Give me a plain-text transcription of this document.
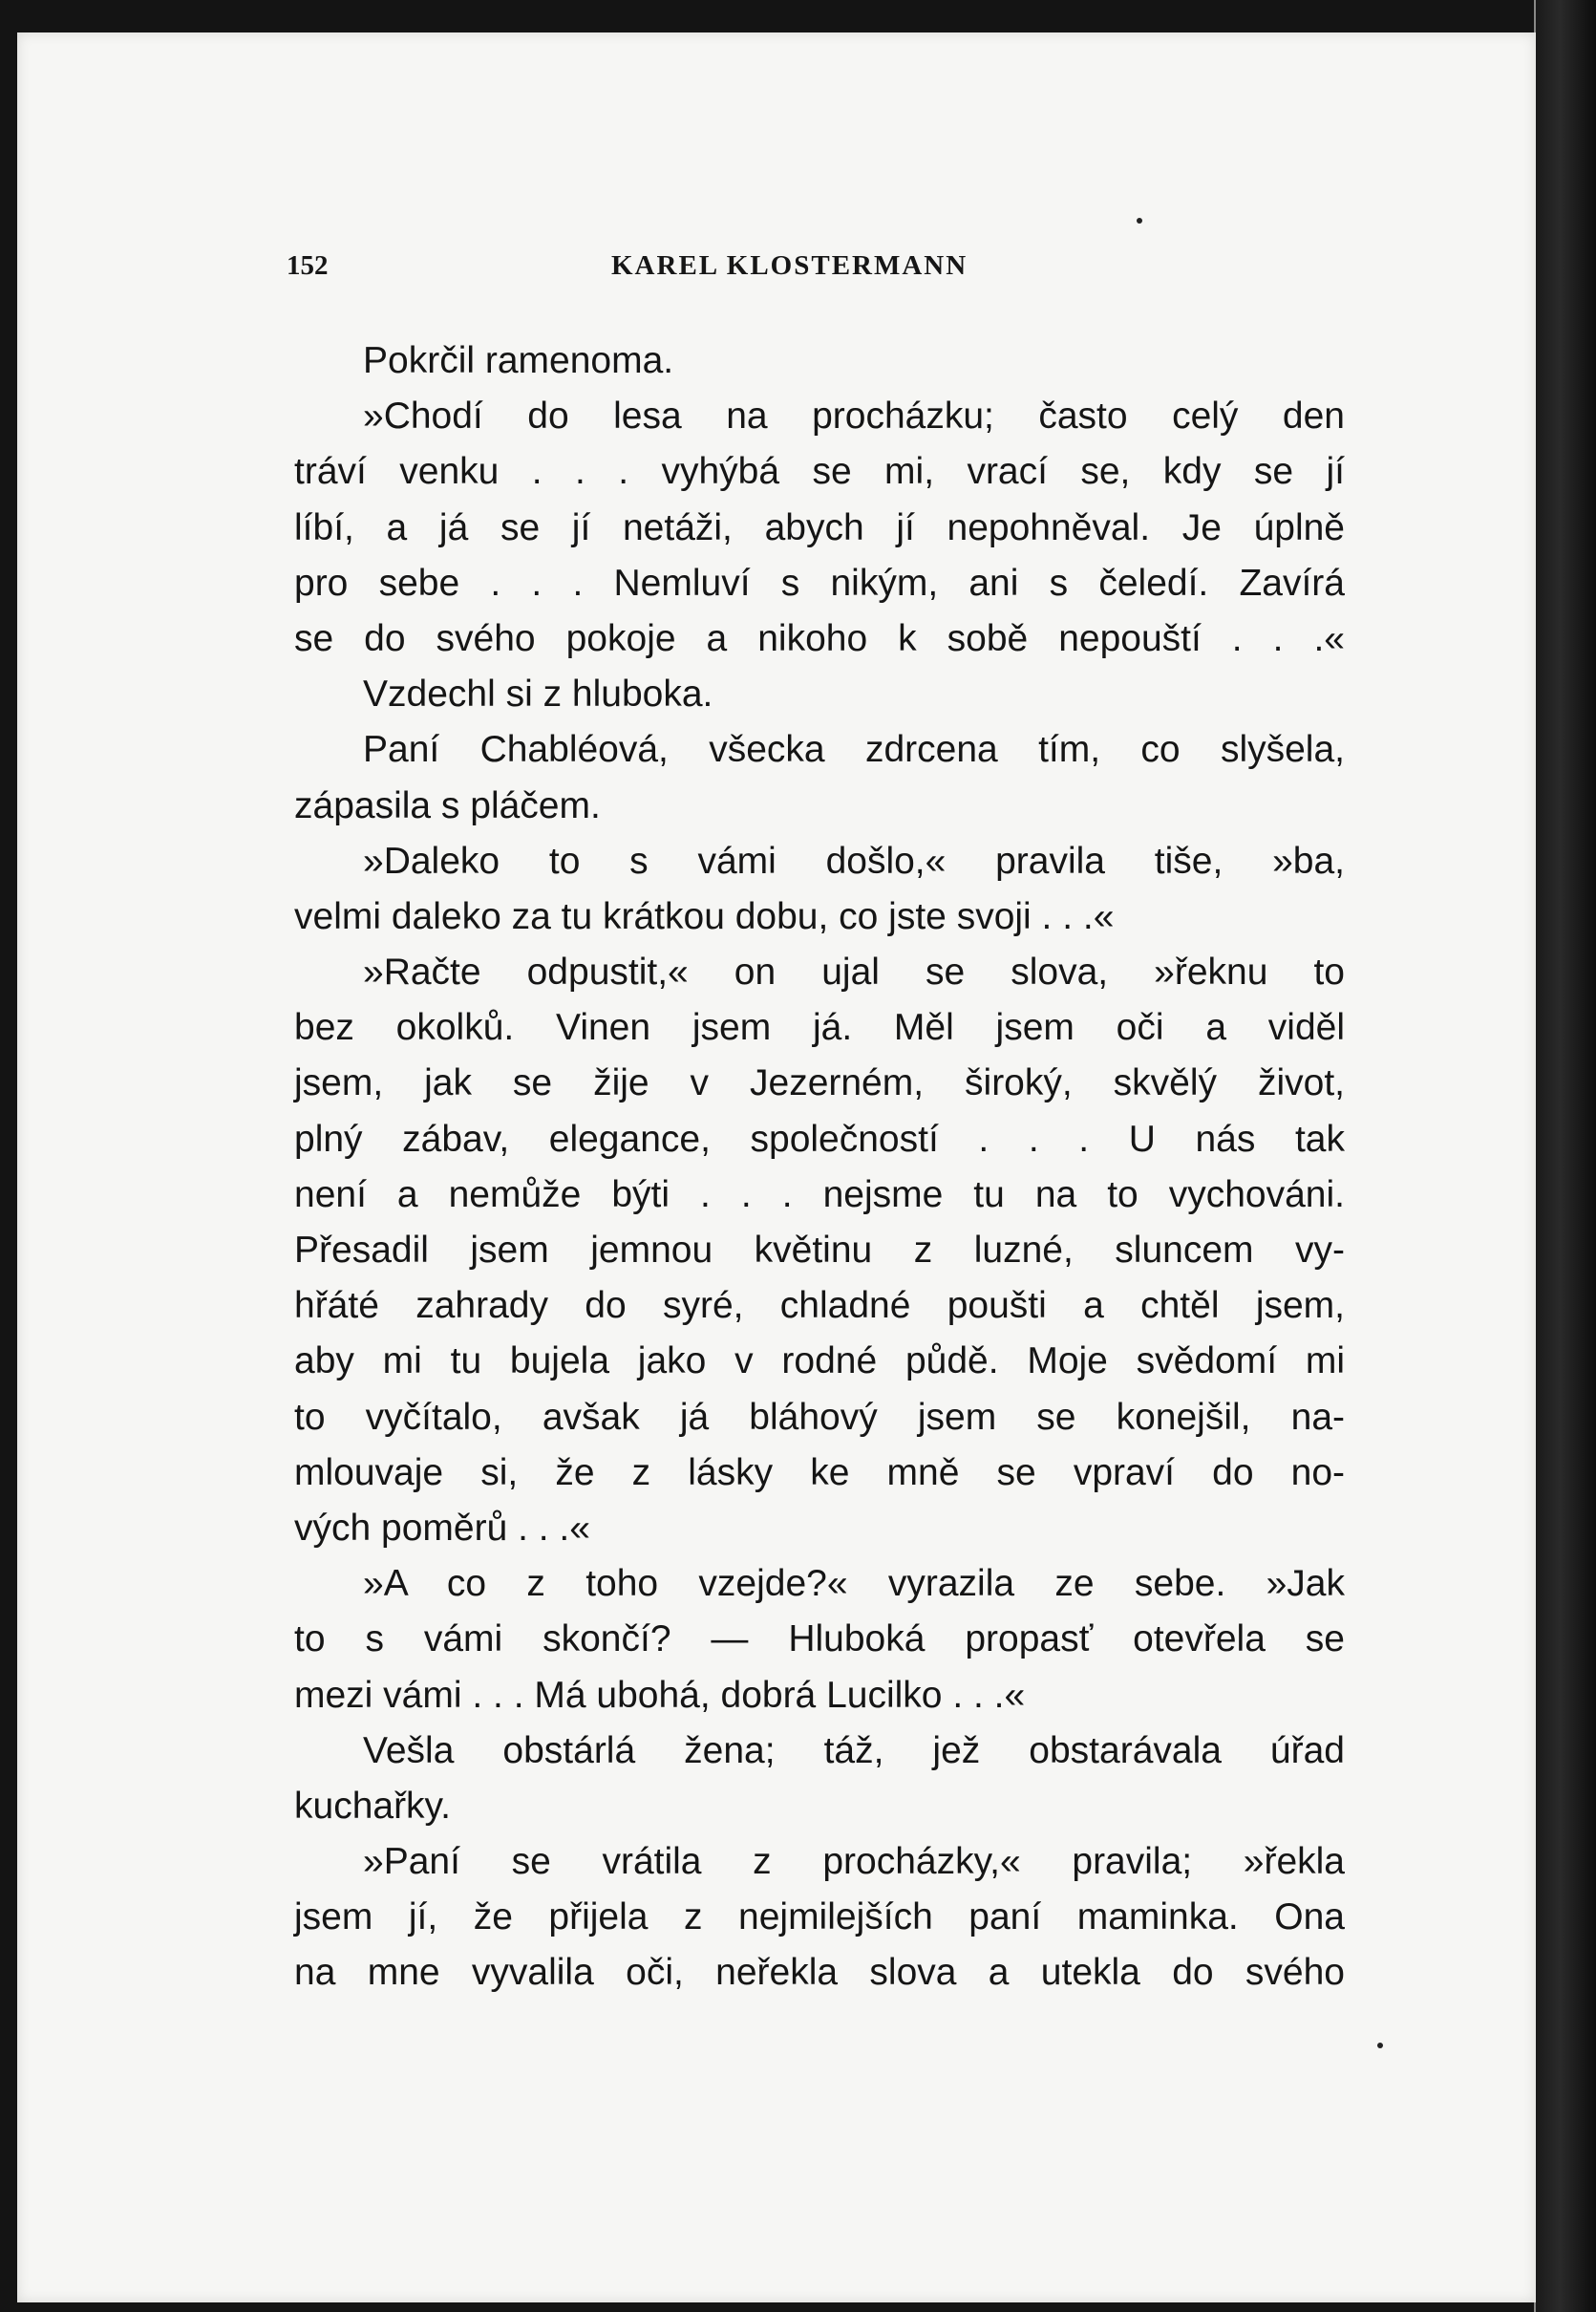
152	KAREL KLOSTERMANN
Pokrčil ramenoma.
»Chodí do lesa na procházku; často celý den
tráví venku . . . vyhýbá se mi, vrací se, kdy se jí
líbí, a já se jí netáži, abych jí nepohněval. Je úplně
pro sebe . . . Nemluví s nikým, ani s čeledí. Zavírá
se do svého pokoje a nikoho k sobě nepouští . . .«
Vzdechl si z hluboka.
Paní Chabléová, všecka zdrcena tím, co slyšela,
zápasila s pláčem.
»Daleko to s vámi došlo,« pravila tiše, »ba,
velmi daleko za tu krátkou dobu, co jste svoji . . .«
»Račte odpustit,« on ujal se slova, »řeknu to
bez okolků. Vinen jsem já. Měl jsem oči a viděl
jsem, jak se žije v Jezerném, široký, skvělý život,
plný zábav, elegance, společností . . . U nás tak
není a nemůže býti . . . nejsme tu na to vychováni.
Přesadil jsem jemnou květinu z luzné, sluncem vy-
hřáté zahrady do syré, chladné poušti a chtěl jsem,
aby mi tu bujela jako v rodné půdě. Moje svědomí mi
to vyčítalo, avšak já bláhový jsem se konejšil, na-
mlouvaje si, že z lásky ke mně se vpraví do no-
vých poměrů . . .«
»A co z toho vzejde?« vyrazila ze sebe. »Jak
to s vámi skončí? — Hluboká propasť otevřela se
mezi vámi . . . Má ubohá, dobrá Lucilko . . .«
Vešla obstárlá žena; táž, jež obstarávala úřad
kuchařky.
»Paní se vrátila z procházky,« pravila; »řekla
jsem jí, že přijela z nejmilejších paní maminka. Ona
na mne vyvalila oči, neřekla slova a utekla do svého
